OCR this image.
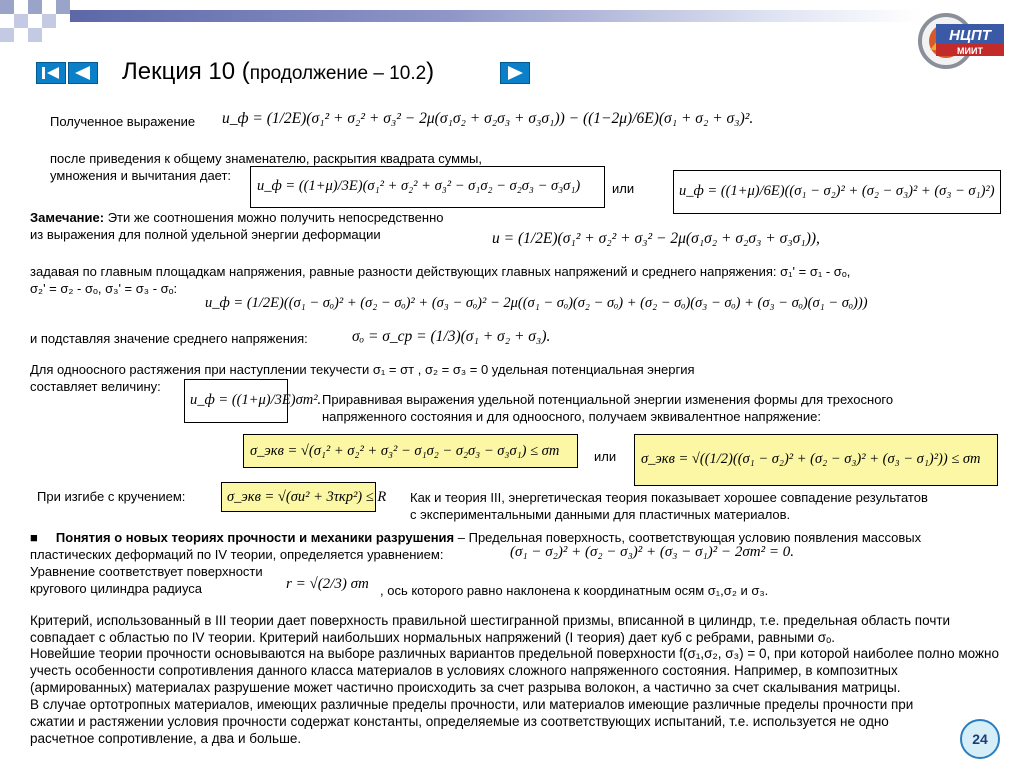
НЦПТ
МИИТ
Лекция 10 (продолжение – 10.2)
Полученное выражение u_ф = (1/2E)(σ₁² + σ₂² + σ₃² − 2μ(σ₁σ₂ + σ₂σ₃ + σ₃σ₁)) − ((1−2μ)/6E)(σ₁ + σ₂ + σ₃)².
после приведения к общему знаменателю, раскрытия квадрата суммы,
умножения и вычитания дает:
u_ф = ((1+μ)/3E)(σ₁² + σ₂² + σ₃² − σ₁σ₂ − σ₂σ₃ − σ₃σ₁) или	u_ф = ((1+μ)/6E)((σ₁ − σ₂)² + (σ₂ − σ₃)² + (σ₃ − σ₁)²)
Замечание: Эти же соотношения можно получить непосредственно
из выражения для полной удельной энергии деформации	u = (1/2E)(σ₁² + σ₂² + σ₃² − 2μ(σ₁σ₂ + σ₂σ₃ + σ₃σ₁)),
задавая по главным площадкам напряжения, равные разности действующих главных напряжений и среднего напряжения: σ₁' = σ₁ - σₒ,
σ₂' = σ₂ - σₒ, σ₃' = σ₃ - σₒ:
u_ф = (1/2E)((σ₁ − σₒ)² + (σ₂ − σₒ)² + (σ₃ − σₒ)² − 2μ((σ₁ − σₒ)(σ₂ − σₒ) + (σ₂ − σₒ)(σ₃ − σₒ) + (σ₃ − σₒ)(σ₁ − σₒ)))
и подставляя значение среднего напряжения:	σₒ = σ_ср = (1/3)(σ₁ + σ₂ + σ₃).
Для одноосного растяжения при наступлении текучести σ₁ = σт , σ₂ = σ₃ = 0 удельная потенциальная энергия
составляет величину:
u_ф = ((1+μ)/3E)σт². Приравнивая выражения удельной потенциальной энергии изменения формы для трехосного
напряженного состояния и для одноосного, получаем эквивалентное напряжение:
σ_экв = √(σ₁² + σ₂² + σ₃² − σ₁σ₂ − σ₂σ₃ − σ₃σ₁) ≤ σт	или σ_экв = √((1/2)((σ₁ − σ₂)² + (σ₂ − σ₃)² + (σ₃ − σ₁)²)) ≤ σт
При изгибе с кручением:	σ_экв = √(σи² + 3τкр²) ≤ R Как и теория III, энергетическая теория показывает хорошее совпадение результатов
с экспериментальными данными для пластичных материалов.
■ Понятия о новых теориях прочности и механики разрушения – Предельная поверхность, соответствующая условию появления массовых
пластических деформаций по IV теории, определяется уравнением:	(σ₁ − σ₂)² + (σ₂ − σ₃)² + (σ₃ − σ₁)² − 2σт² = 0.
Уравнение соответствует поверхности
кругового цилиндра радиуса	r = √(2/3) σт , ось которого равно наклонена к координатным осям σ₁,σ₂ и σ₃.
Критерий, использованный в III теории дает поверхность правильной шестигранной призмы, вписанной в цилиндр, т.е. предельная область почти совпадает с областью по IV теории. Критерий наибольших нормальных напряжений (I теория) дает куб с ребрами, равными σₒ.
Новейшие теории прочности основываются на выборе различных вариантов предельной поверхности f(σ₁,σ₂, σ₃) = 0, при которой наиболее полно можно учесть особенности сопротивления данного класса материалов в условиях сложного напряженного состояния. Например, в композитных (армированных) материалах разрушение может частично происходить за счет разрыва волокон, а частично за счет скалывания матрицы.
В случае ортотропных материалов, имеющих различные пределы прочности, или материалов имеющие различные пределы прочности при сжатии и растяжении условия прочности содержат константы, определяемые из соответствующих испытаний, т.е. используется не одно расчетное сопротивление, а два и больше.	24
